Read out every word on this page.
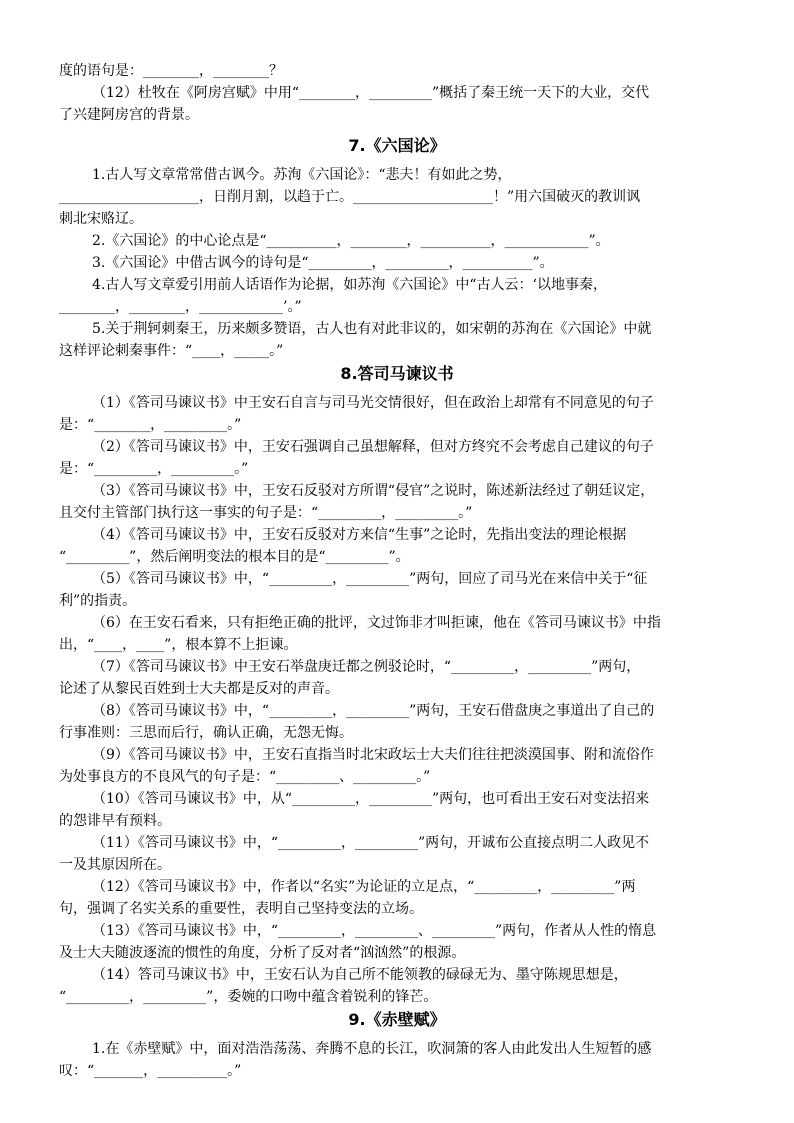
度的语句是：________，________？
（12）杜牧在《阿房宫赋》中用“________，_________”概括了秦王统一天下的大业，交代
了兴建阿房宫的背景。
7.《六国论》
1.古人写文章常常借古讽今。苏洵《六国论》：“悲夫！有如此之势，
____________________，日削月割，以趋于亡。____________________！”用六国破灭的教训讽
刺北宋赂辽。
2.《六国论》的中心论点是“__________，________，__________，____________”。
3.《六国论》中借古讽今的诗句是“_________，_________，__________”。
4.古人写文章爱引用前人话语作为论据，如苏洵《六国论》中“古人云：‘以地事秦，
________，________，____________’。”
5.关于荆轲刺秦王，历来颇多赞语，古人也有对此非议的，如宋朝的苏洵在《六国论》中就
这样评论刺秦事件：“____，_____。”
8.答司马谏议书
（1）《答司马谏议书》中王安石自言与司马光交情很好，但在政治上却常有不同意见的句子
是：“________，_________。”
（2）《答司马谏议书》中，王安石强调自己虽想解释，但对方终究不会考虑自己建议的句子
是：“_________，_________。”
（3）《答司马谏议书》中，王安石反驳对方所谓“侵官”之说时，陈述新法经过了朝廷议定，
且交付主管部门执行这一事实的句子是：“_________，_________。”
（4）《答司马谏议书》中，王安石反驳对方来信“生事”之论时，先指出变法的理论根据
“_________”，然后阐明变法的根本目的是“_________”。
（5）《答司马谏议书》中，“_________，_________”两句，回应了司马光在来信中关于“征
利”的指责。
（6）在王安石看来，只有拒绝正确的批评，文过饰非才叫拒谏，他在《答司马谏议书》中指
出，“____，____”，根本算不上拒谏。
（7）《答司马谏议书》中王安石举盘庚迁都之例驳论时，“_________，_________”两句，
论述了从黎民百姓到士大夫都是反对的声音。
（8）《答司马谏议书》中，“_________，_________”两句，王安石借盘庚之事道出了自己的
行事准则：三思而后行，确认正确，无怨无悔。
（9）《答司马谏议书》中，王安石直指当时北宋政坛士大夫们往往把淡漠国事、附和流俗作
为处事良方的不良风气的句子是：“_________、_________。”
（10）《答司马谏议书》中，从“_________，_________”两句，也可看出王安石对变法招来
的怨诽早有预料。
（11）《答司马谏议书》中，“_________，_________”两句，开诚布公直接点明二人政见不
一及其原因所在。
（12）《答司马谏议书》中，作者以“名实”为论证的立足点，“_________，_________”两
句，强调了名实关系的重要性，表明自己坚持变法的立场。
（13）《答司马谏议书》中，“_________，_________、_________”两句，作者从人性的惰息
及士大夫随波逐流的惯性的角度，分析了反对者“汹汹然”的根源。
（14）答司马谏议书》中，王安石认为自己所不能领教的碌碌无为、墨守陈规思想是，
“_________，_________”，委婉的口吻中蕴含着锐利的锋芒。
9.《赤壁赋》
1.在《赤壁赋》中，面对浩浩荡荡、奔腾不息的长江，吹洞箫的客人由此发出人生短暂的感
叹：“_______，__________。”
